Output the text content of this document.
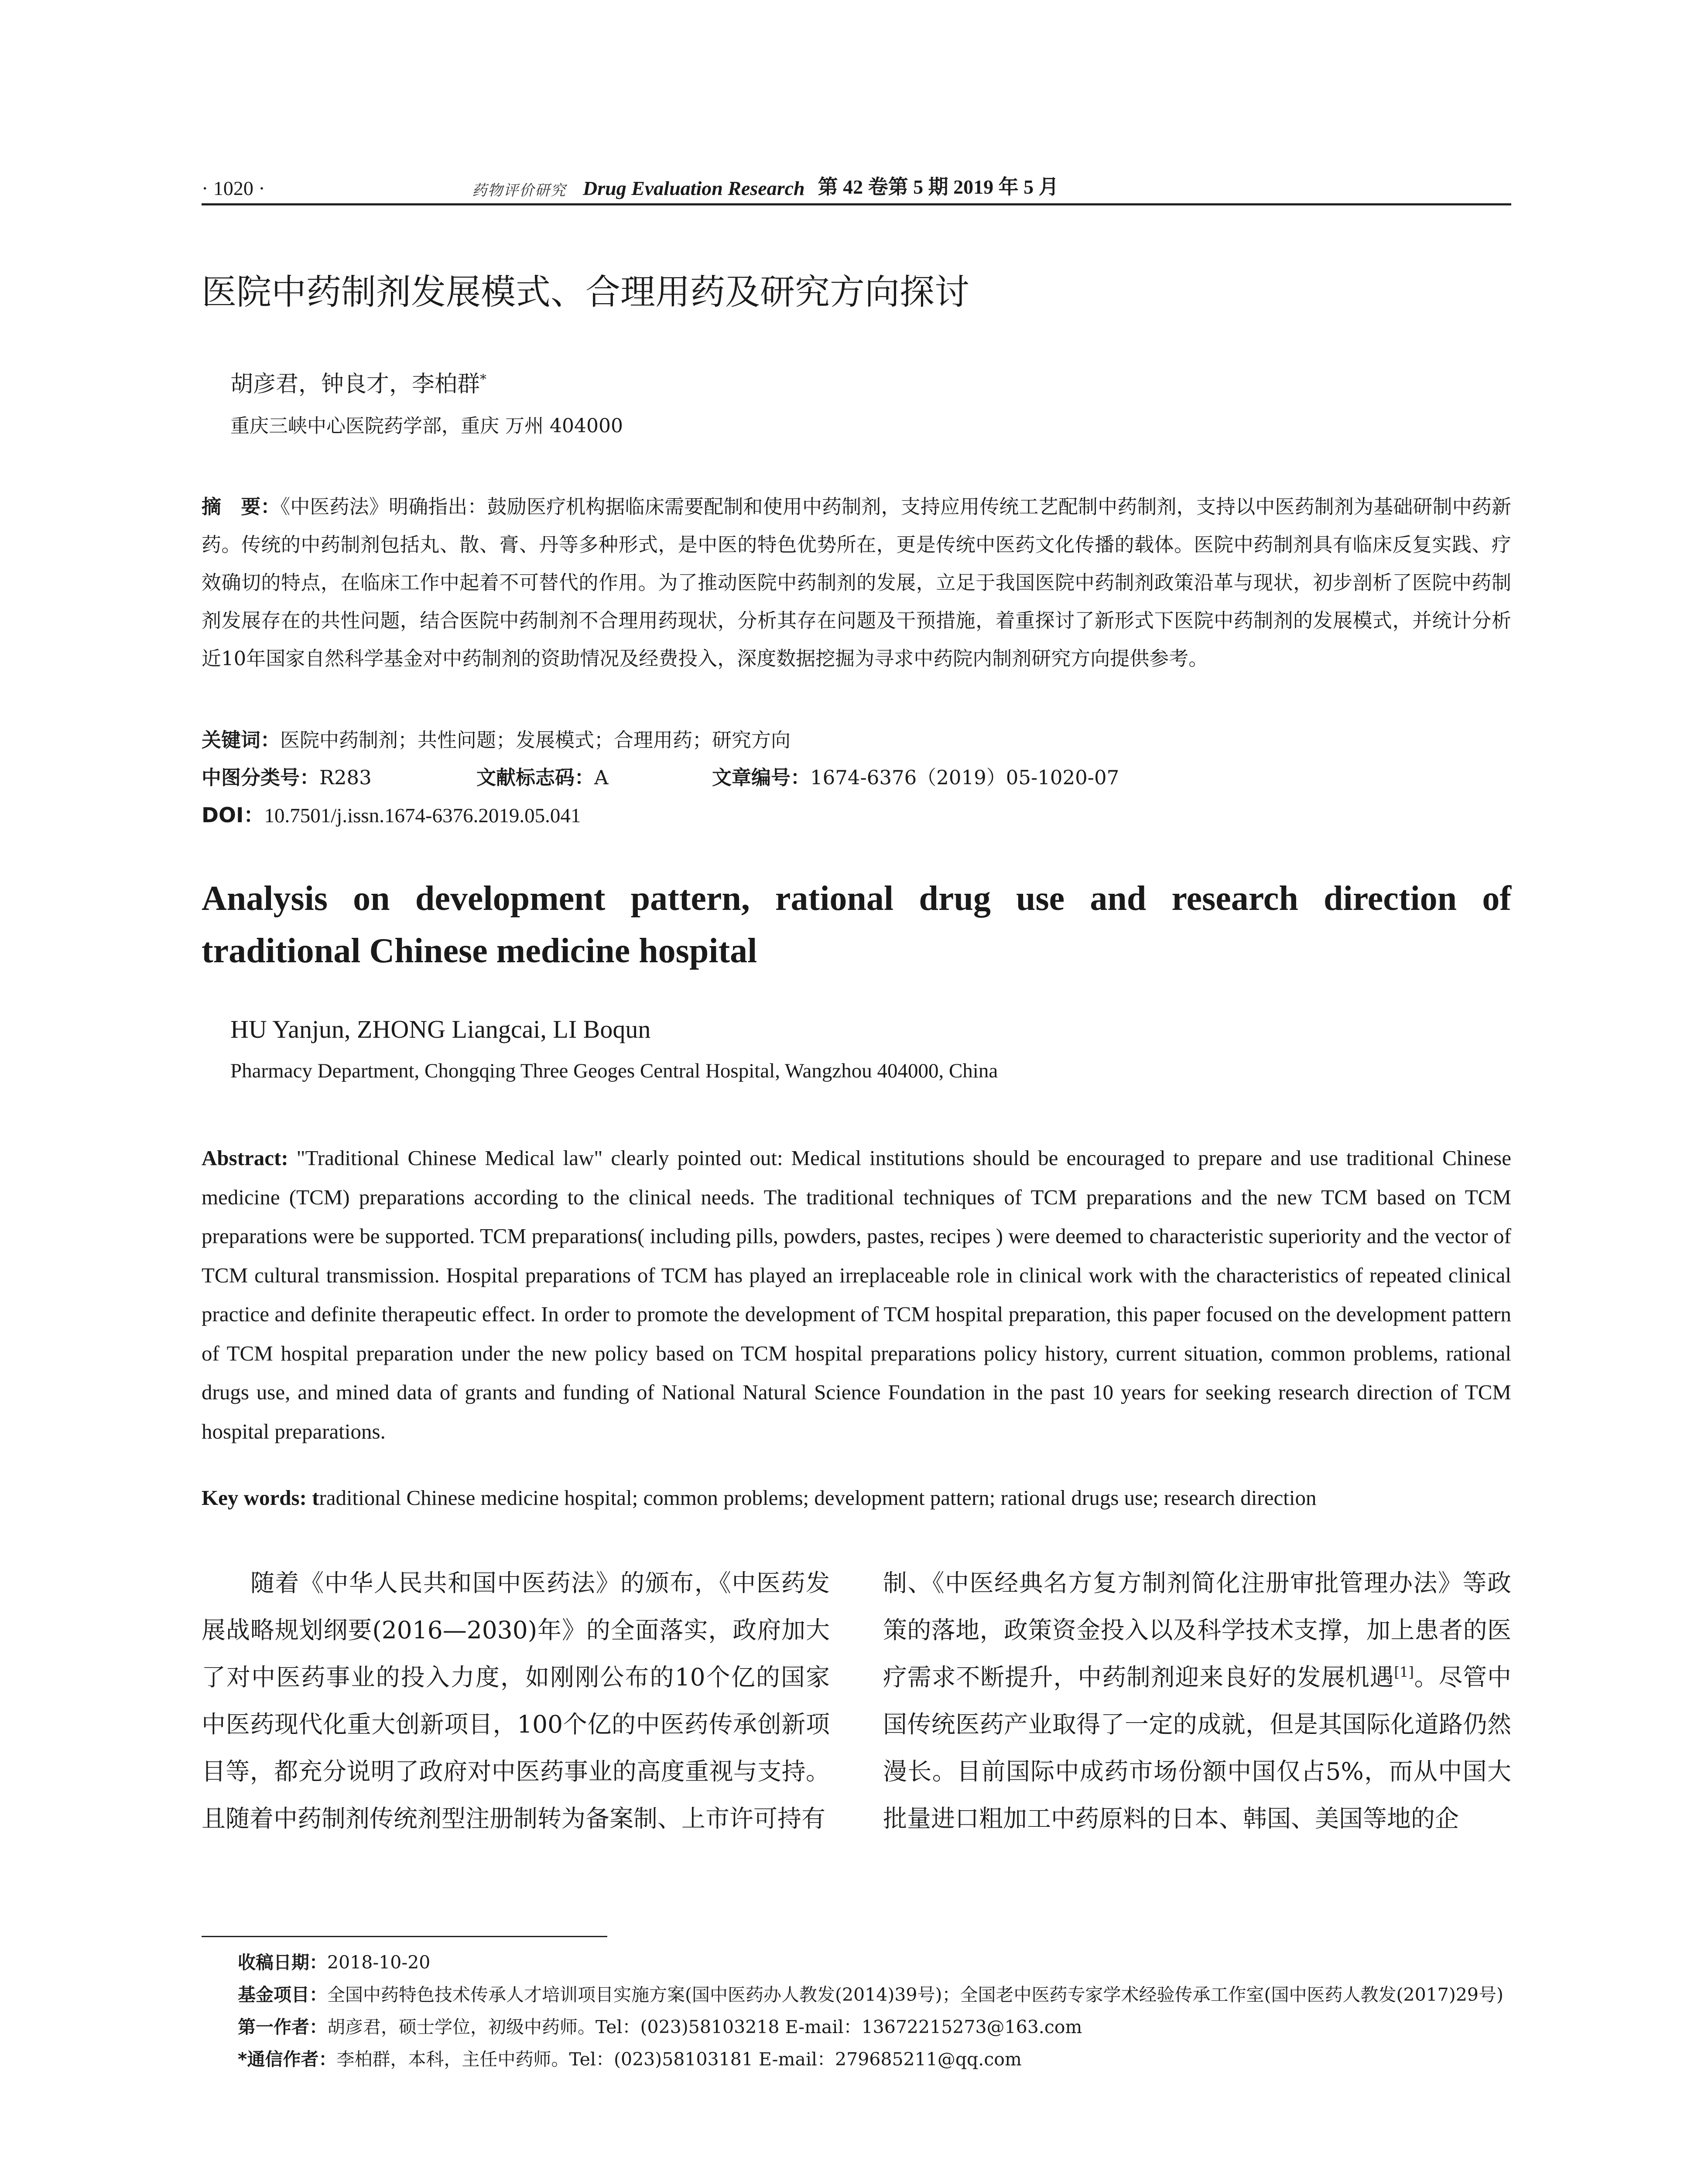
· 1020 ·	药物评价研究 Drug Evaluation Research 第 42 卷第 5 期 2019 年 5 月
医院中药制剂发展模式、合理用药及研究方向探讨
胡彦君，钟良才，李柏群*
重庆三峡中心医院药学部，重庆 万州 404000
摘　要：《中医药法》明确指出：鼓励医疗机构据临床需要配制和使用中药制剂，支持应用传统工艺配制中药制剂，支持以中医药制剂为基础研制中药新药。传统的中药制剂包括丸、散、膏、丹等多种形式，是中医的特色优势所在，更是传统中医药文化传播的载体。医院中药制剂具有临床反复实践、疗效确切的特点，在临床工作中起着不可替代的作用。为了推动医院中药制剂的发展，立足于我国医院中药制剂政策沿革与现状，初步剖析了医院中药制剂发展存在的共性问题，结合医院中药制剂不合理用药现状，分析其存在问题及干预措施，着重探讨了新形式下医院中药制剂的发展模式，并统计分析近10年国家自然科学基金对中药制剂的资助情况及经费投入，深度数据挖掘为寻求中药院内制剂研究方向提供参考。
关键词：医院中药制剂；共性问题；发展模式；合理用药；研究方向
中图分类号：R283	文献标志码：A	文章编号：1674-6376（2019）05-1020-07
DOI：10.7501/j.issn.1674-6376.2019.05.041
Analysis on development pattern, rational drug use and research direction of traditional Chinese medicine hospital
HU Yanjun, ZHONG Liangcai, LI Boqun
Pharmacy Department, Chongqing Three Geoges Central Hospital, Wangzhou 404000, China
Abstract: "Traditional Chinese Medical law" clearly pointed out: Medical institutions should be encouraged to prepare and use traditional Chinese medicine (TCM) preparations according to the clinical needs. The traditional techniques of TCM preparations and the new TCM based on TCM preparations were be supported. TCM preparations( including pills, powders, pastes, recipes ) were deemed to characteristic superiority and the vector of TCM cultural transmission. Hospital preparations of TCM has played an irreplaceable role in clinical work with the characteristics of repeated clinical practice and definite therapeutic effect. In order to promote the development of TCM hospital preparation, this paper focused on the development pattern of TCM hospital preparation under the new policy based on TCM hospital preparations policy history, current situation, common problems, rational drugs use, and mined data of grants and funding of National Natural Science Foundation in the past 10 years for seeking research direction of TCM hospital preparations.
Key words: traditional Chinese medicine hospital; common problems; development pattern; rational drugs use; research direction
随着《中华人民共和国中医药法》的颁布，《中医药发展战略规划纲要(2016—2030)年》的全面落实，政府加大了对中医药事业的投入力度，如刚刚公布的10个亿的国家中医药现代化重大创新项目，100个亿的中医药传承创新项目等，都充分说明了政府对中医药事业的高度重视与支持。且随着中药制剂传统剂型注册制转为备案制、上市许可持有
制、《中医经典名方复方制剂简化注册审批管理办法》等政策的落地，政策资金投入以及科学技术支撑，加上患者的医疗需求不断提升，中药制剂迎来良好的发展机遇[1]。尽管中国传统医药产业取得了一定的成就，但是其国际化道路仍然漫长。目前国际中成药市场份额中国仅占5%，而从中国大批量进口粗加工中药原料的日本、韩国、美国等地的企
收稿日期：2018-10-20
基金项目：全国中药特色技术传承人才培训项目实施方案(国中医药办人教发(2014)39号)；全国老中医药专家学术经验传承工作室(国中医药人教发(2017)29号)
第一作者：胡彦君，硕士学位，初级中药师。Tel：(023)58103218 E-mail：13672215273@163.com
*通信作者：李柏群，本科，主任中药师。Tel：(023)58103181 E-mail：279685211@qq.com
